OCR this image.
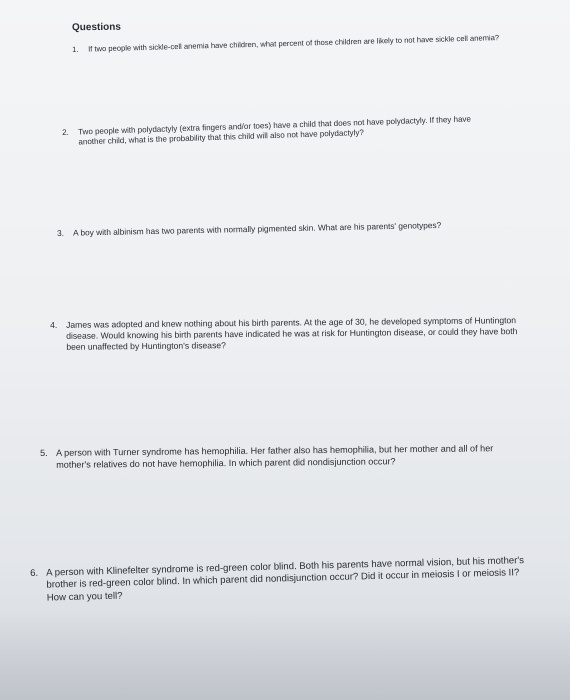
Questions
1. If two people with sickle-cell anemia have children, what percent of those children are likely to not have sickle cell anemia?
2. Two people with polydactyly (extra fingers and/or toes) have a child that does not have polydactyly. If they have another child, what is the probability that this child will also not have polydactyly?
3. A boy with albinism has two parents with normally pigmented skin. What are his parents' genotypes?
4. James was adopted and knew nothing about his birth parents. At the age of 30, he developed symptoms of Huntington disease. Would knowing his birth parents have indicated he was at risk for Huntington disease, or could they have both been unaffected by Huntington's disease?
5. A person with Turner syndrome has hemophilia. Her father also has hemophilia, but her mother and all of her mother's relatives do not have hemophilia. In which parent did nondisjunction occur?
6. A person with Klinefelter syndrome is red-green color blind. Both his parents have normal vision, but his mother's brother is red-green color blind. In which parent did nondisjunction occur? Did it occur in meiosis I or meiosis II? How can you tell?
